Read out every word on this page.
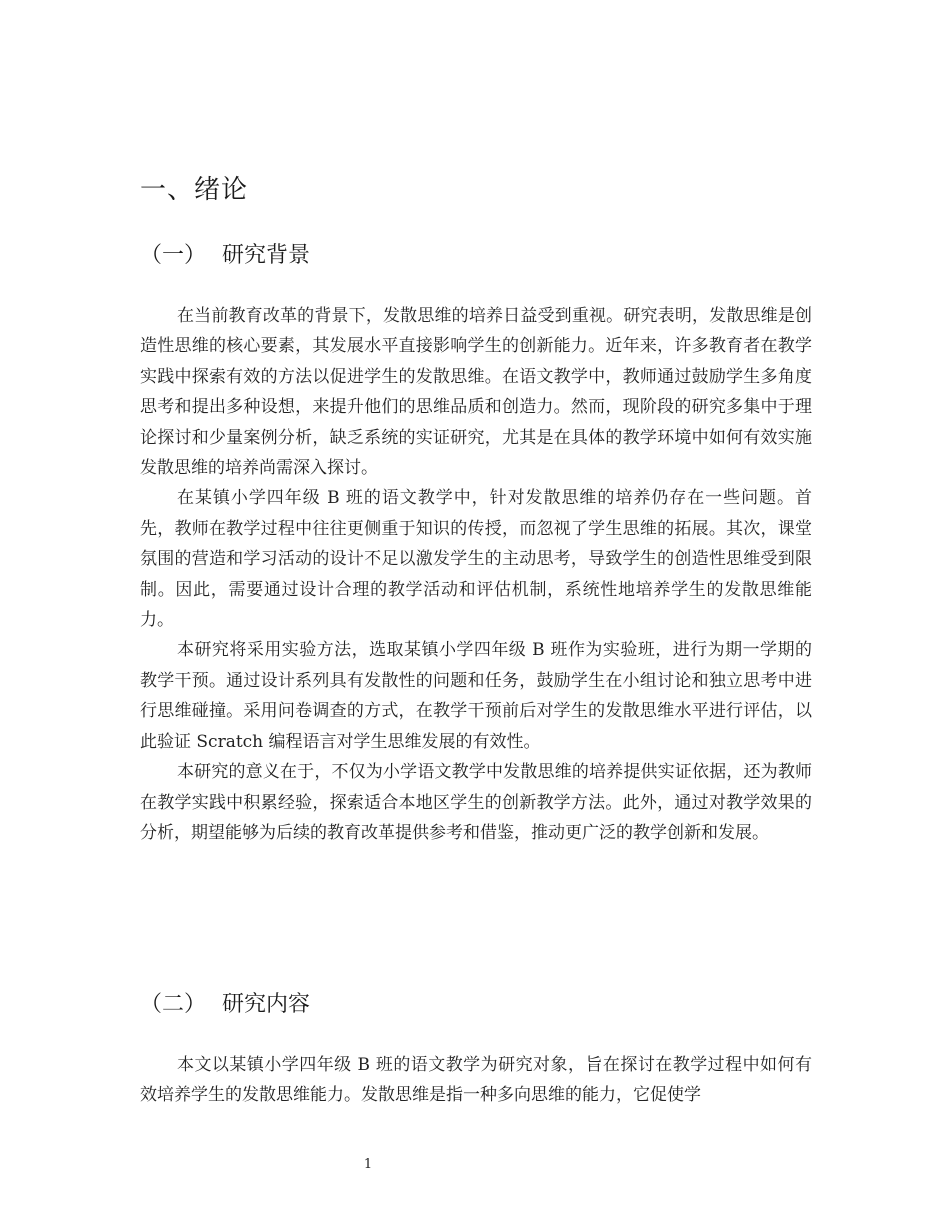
一、绪论
（一） 研究背景

在当前教育改革的背景下，发散思维的培养日益受到重视。研究表明，发散思维是创造性思维的核心要素，其发展水平直接影响学生的创新能力。近年来，许多教育者在教学实践中探索有效的方法以促进学生的发散思维。在语文教学中，教师通过鼓励学生多角度思考和提出多种设想，来提升他们的思维品质和创造力。然而，现阶段的研究多集中于理论探讨和少量案例分析，缺乏系统的实证研究，尤其是在具体的教学环境中如何有效实施发散思维的培养尚需深入探讨。

在某镇小学四年级 B 班的语文教学中，针对发散思维的培养仍存在一些问题。首先，教师在教学过程中往往更侧重于知识的传授，而忽视了学生思维的拓展。其次，课堂氛围的营造和学习活动的设计不足以激发学生的主动思考，导致学生的创造性思维受到限制。因此，需要通过设计合理的教学活动和评估机制，系统性地培养学生的发散思维能力。

本研究将采用实验方法，选取某镇小学四年级 B 班作为实验班，进行为期一学期的教学干预。通过设计系列具有发散性的问题和任务，鼓励学生在小组讨论和独立思考中进行思维碰撞。采用问卷调查的方式，在教学干预前后对学生的发散思维水平进行评估，以此验证 Scratch 编程语言对学生思维发展的有效性。

本研究的意义在于，不仅为小学语文教学中发散思维的培养提供实证依据，还为教师在教学实践中积累经验，探索适合本地区学生的创新教学方法。此外，通过对教学效果的分析，期望能够为后续的教育改革提供参考和借鉴，推动更广泛的教学创新和发展。

（二） 研究内容

本文以某镇小学四年级 B 班的语文教学为研究对象，旨在探讨在教学过程中如何有效培养学生的发散思维能力。发散思维是指一种多向思维的能力，它促使学

1
